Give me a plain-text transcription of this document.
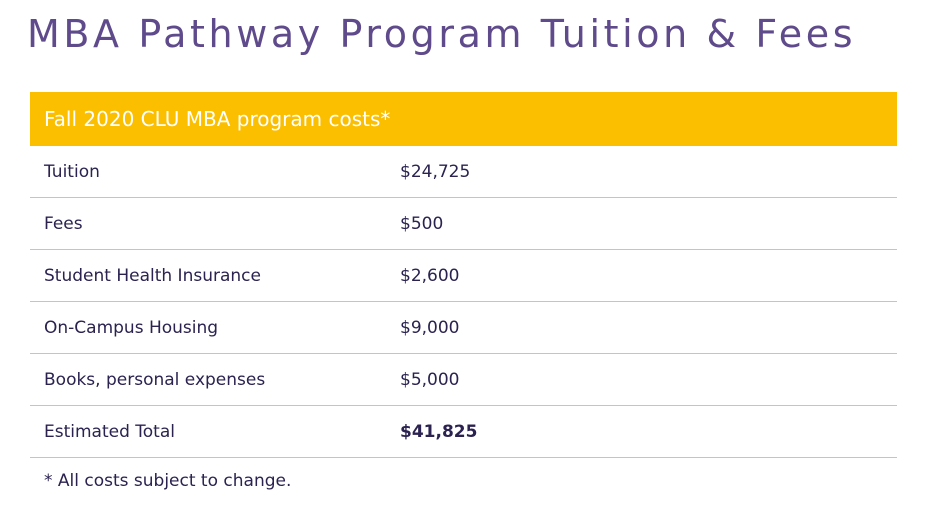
MBA Pathway Program Tuition & Fees
Fall 2020 CLU MBA program costs*
Tuition	$24,725
Fees	$500
Student Health Insurance	$2,600
On-Campus Housing	$9,000
Books, personal expenses	$5,000
Estimated Total	$41,825
* All costs subject to change.
